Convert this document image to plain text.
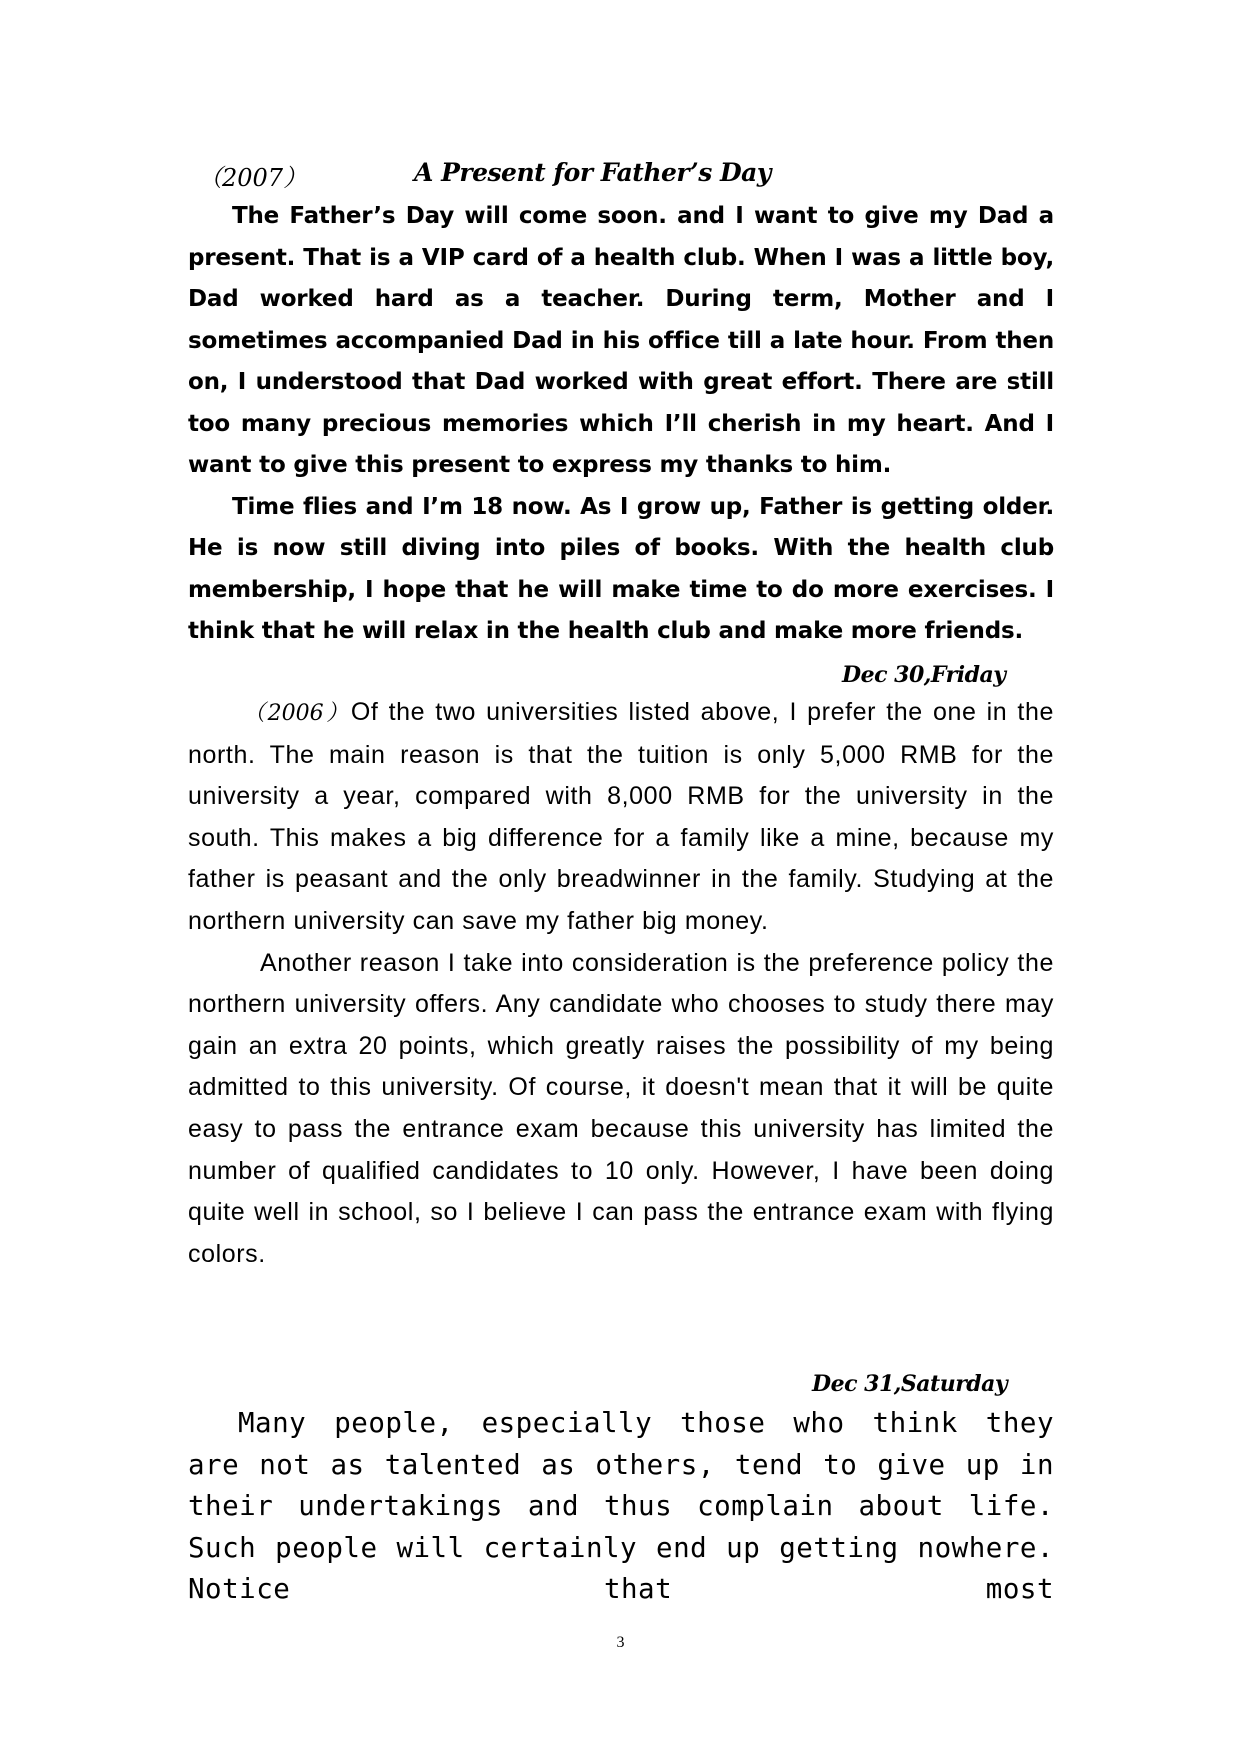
（2007）	A Present for Father’s Day

The Father’s Day will come soon. and I want to give my Dad a present. That is a VIP card of a health club. When I was a little boy, Dad worked hard as a teacher. During term, Mother and I sometimes accompanied Dad in his office till a late hour. From then on, I understood that Dad worked with great effort. There are still too many precious memories which I’ll cherish in my heart. And I want to give this present to express my thanks to him.

Time flies and I’m 18 now. As I grow up, Father is getting older. He is now still diving into piles of books. With the health club membership, I hope that he will make time to do more exercises. I think that he will relax in the health club and make more friends.

Dec 30,Friday

（2006）Of the two universities listed above, I prefer the one in the north. The main reason is that the tuition is only 5,000 RMB for the university a year, compared with 8,000 RMB for the university in the south. This makes a big difference for a family like a mine, because my father is peasant and the only breadwinner in the family. Studying at the northern university can save my father big money.

Another reason I take into consideration is the preference policy the northern university offers. Any candidate who chooses to study there may gain an extra 20 points, which greatly raises the possibility of my being admitted to this university. Of course, it doesn't mean that it will be quite easy to pass the entrance exam because this university has limited the number of qualified candidates to 10 only. However, I have been doing quite well in school, so I believe I can pass the entrance exam with flying colors.

Dec 31,Saturday

Many people, especially those who think they are not as talented as others, tend to give up in their undertakings and thus complain about life. Such people will certainly end up getting nowhere. Notice that most

3
